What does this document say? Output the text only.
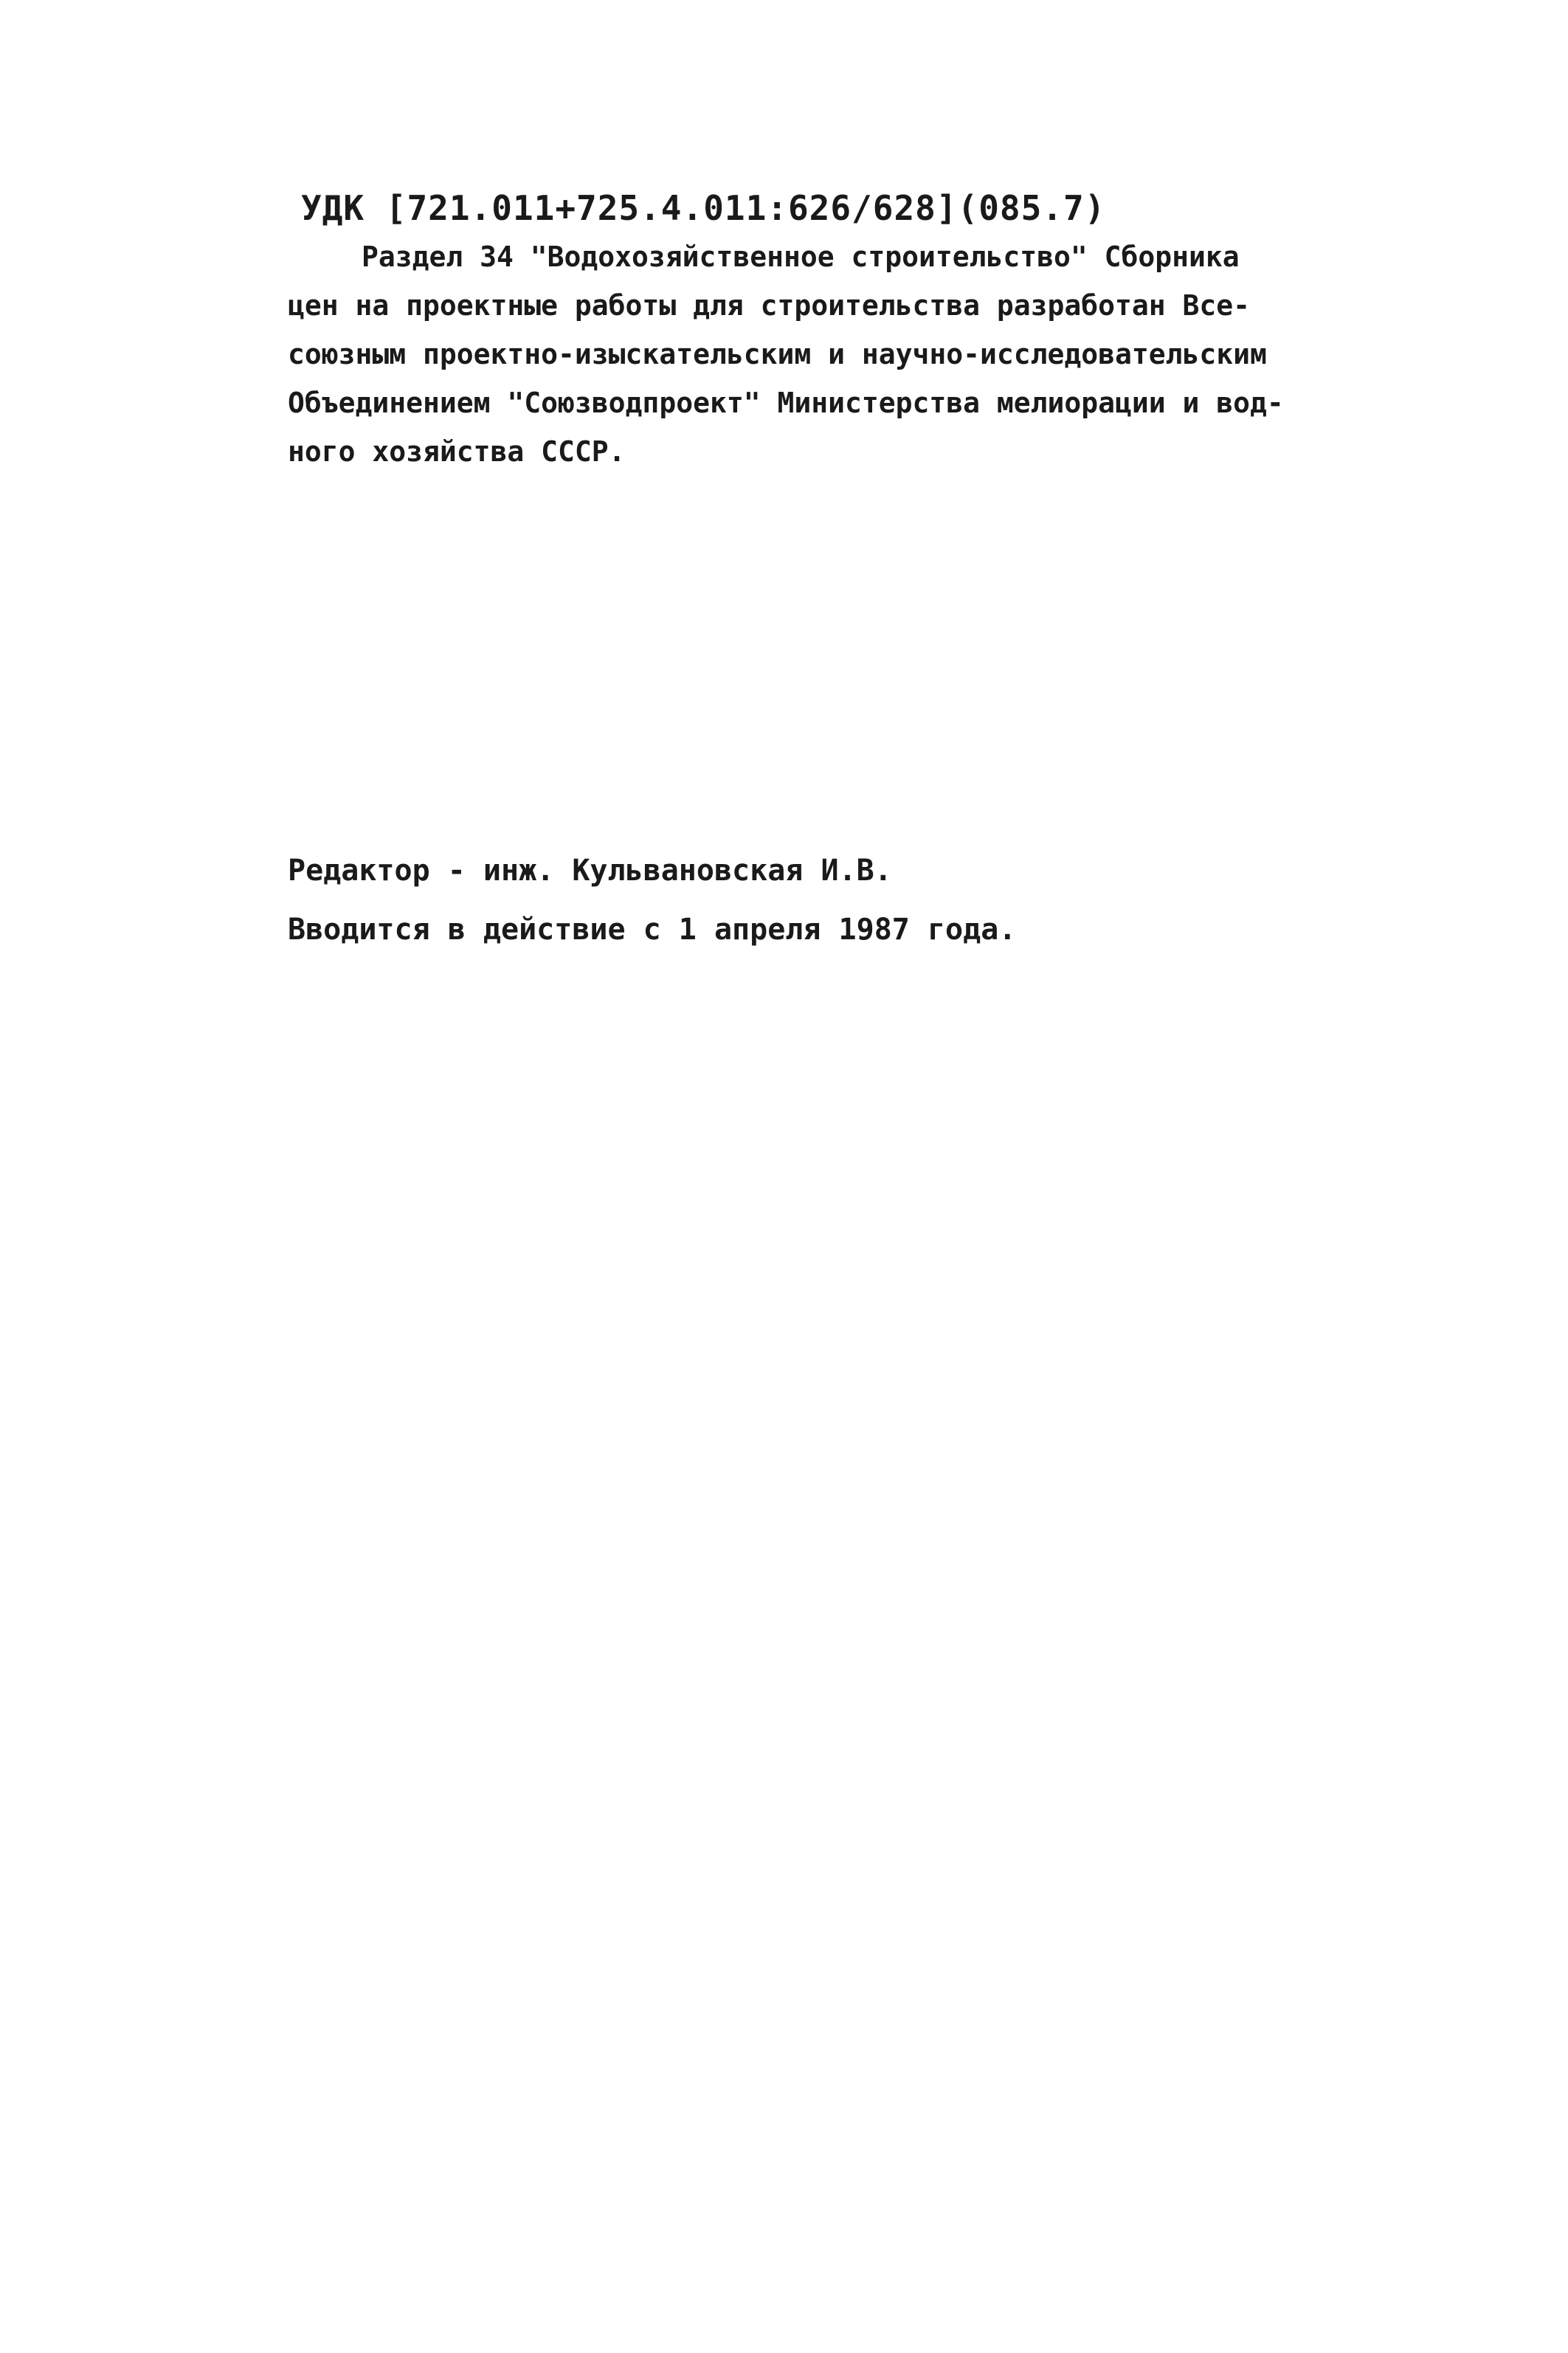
УДК [721.011+725.4.011:626/628](085.7)
Раздел 34 "Водохозяйственное строительство" Сборника
цен на проектные работы для строительства разработан Все-
союзным проектно-изыскательским и научно-исследовательским
Объединением "Союзводпроект" Министерства мелиорации и вод-
ного хозяйства СССР.
Редактор - инж. Кульвановская И.В.
Вводится в действие с 1 апреля 1987 года.
